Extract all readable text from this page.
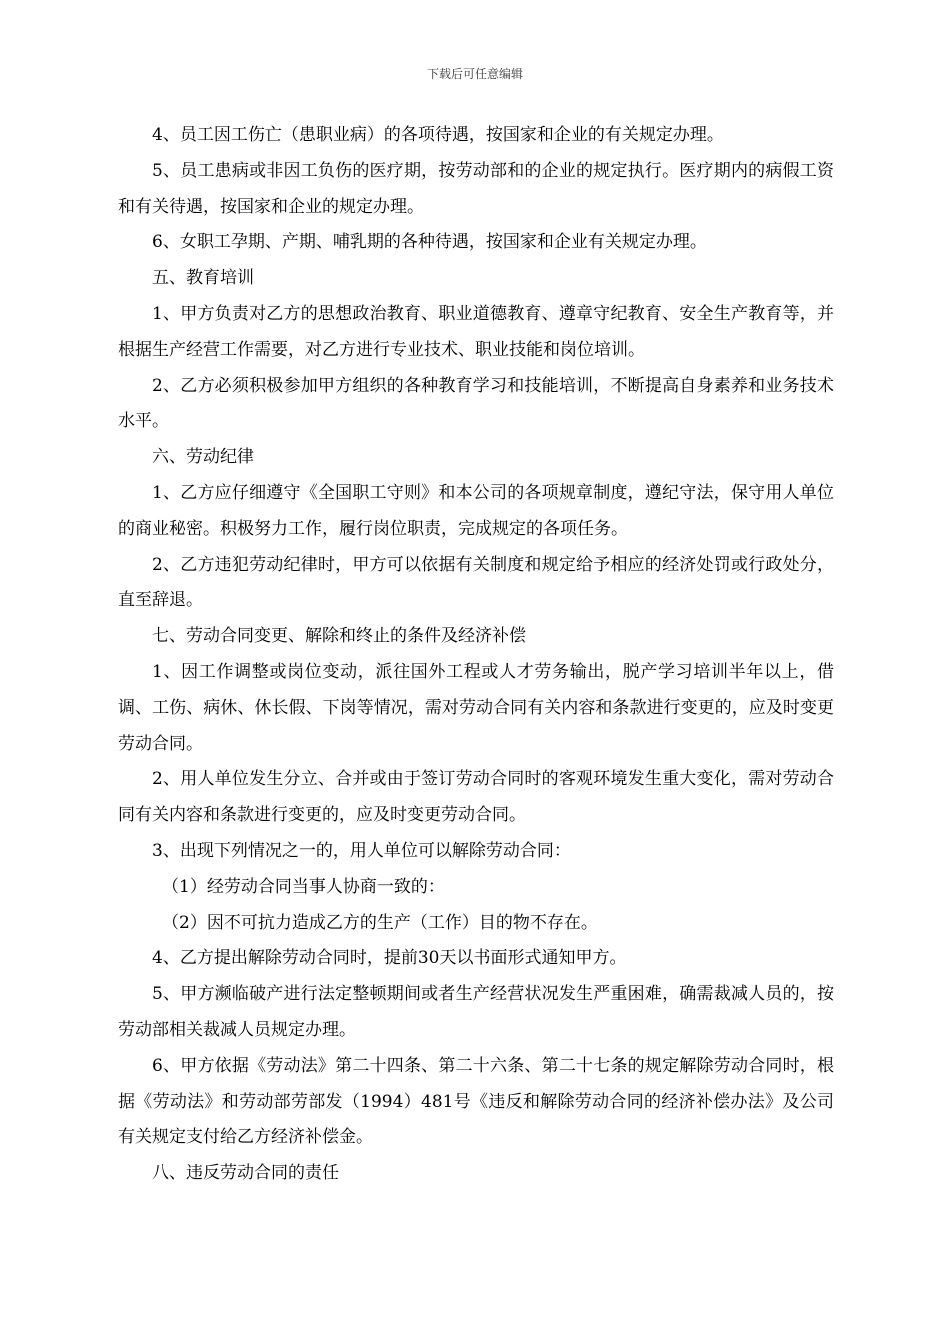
下载后可任意编辑

4、员工因工伤亡（患职业病）的各项待遇，按国家和企业的有关规定办理。

5、员工患病或非因工负伤的医疗期，按劳动部和的企业的规定执行。医疗期内的病假工资和有关待遇，按国家和企业的规定办理。

6、女职工孕期、产期、哺乳期的各种待遇，按国家和企业有关规定办理。

五、教育培训

1、甲方负责对乙方的思想政治教育、职业道德教育、遵章守纪教育、安全生产教育等，并根据生产经营工作需要，对乙方进行专业技术、职业技能和岗位培训。

2、乙方必须积极参加甲方组织的各种教育学习和技能培训，不断提高自身素养和业务技术水平。

六、劳动纪律

1、乙方应仔细遵守《全国职工守则》和本公司的各项规章制度，遵纪守法，保守用人单位的商业秘密。积极努力工作，履行岗位职责，完成规定的各项任务。

2、乙方违犯劳动纪律时，甲方可以依据有关制度和规定给予相应的经济处罚或行政处分，直至辞退。

七、劳动合同变更、解除和终止的条件及经济补偿

1、因工作调整或岗位变动，派往国外工程或人才劳务输出，脱产学习培训半年以上，借调、工伤、病休、休长假、下岗等情况，需对劳动合同有关内容和条款进行变更的，应及时变更劳动合同。

2、用人单位发生分立、合并或由于签订劳动合同时的客观环境发生重大变化，需对劳动合同有关内容和条款进行变更的，应及时变更劳动合同。

3、出现下列情况之一的，用人单位可以解除劳动合同：

（1）经劳动合同当事人协商一致的：

（2）因不可抗力造成乙方的生产（工作）目的物不存在。

4、乙方提出解除劳动合同时，提前30天以书面形式通知甲方。

5、甲方濒临破产进行法定整顿期间或者生产经营状况发生严重困难，确需裁减人员的，按劳动部相关裁减人员规定办理。

6、甲方依据《劳动法》第二十四条、第二十六条、第二十七条的规定解除劳动合同时，根据《劳动法》和劳动部劳部发（1994）481号《违反和解除劳动合同的经济补偿办法》及公司有关规定支付给乙方经济补偿金。

八、违反劳动合同的责任
